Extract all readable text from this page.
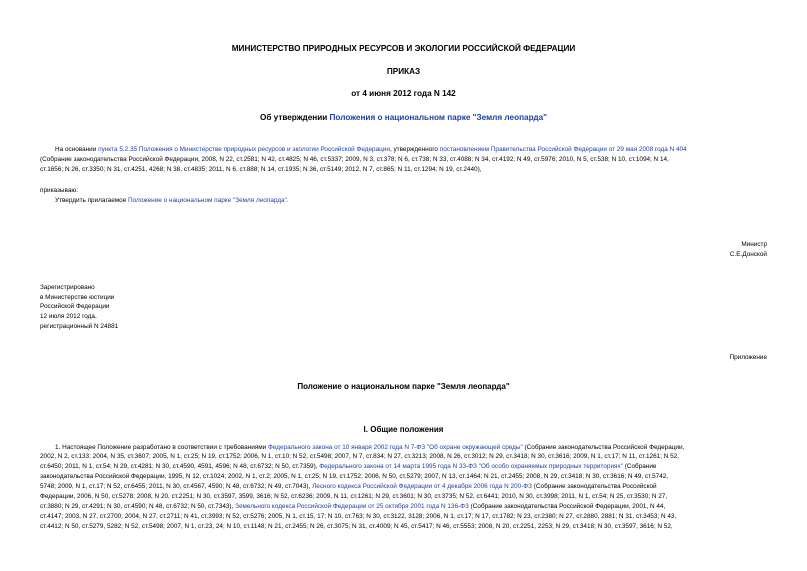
МИНИСТЕРСТВО ПРИРОДНЫХ РЕСУРСОВ И ЭКОЛОГИИ РОССИЙСКОЙ ФЕДЕРАЦИИ
ПРИКАЗ
от 4 июня 2012 года N 142
Об утверждении Положения о национальном парке "Земля леопарда"
На основании пункта 5.2.35 Положения о Министерстве природных ресурсов и экологии Российской Федерации, утвержденного постановлением Правительства Российской Федерации от 29 мая 2008 года N 404
(Собрание законодательства Российской Федерации, 2008, N 22, ст.2581; N 42, ст.4825; N 46, ст.5337; 2009, N 3, ст.378; N 6, ст.738; N 33, ст.4088; N 34, ст.4192; N 49, ст.5976; 2010, N 5, ст.538; N 10, ст.1094; N 14,
ст.1656; N 26, ст.3350; N 31, ст.4251, 4268; N 38, ст.4835; 2011, N 6, ст.888; N 14, ст.1935; N 36, ст.5149; 2012, N 7, ст.865; N 11, ст.1294; N 19, ст.2440),
приказываю:
Утвердить прилагаемое Положение о национальном парке "Земля леопарда".
Министр
С.Е.Донской
Зарегистрировано
в Министерстве юстиции
Российской Федерации
12 июля 2012 года,
регистрационный N 24881
Приложение
Положение о национальном парке "Земля леопарда"
I. Общие положения
1. Настоящее Положение разработано в соответствии с требованиями Федерального закона от 10 января 2002 года N 7-ФЗ "Об охране окружающей среды" (Собрание законодательства Российской Федерации,
2002, N 2, ст.133; 2004, N 35, ст.3607; 2005, N 1, ст.25; N 19, ст.1752; 2006, N 1, ст.10; N 52, ст.5498; 2007, N 7, ст.834; N 27, ст.3213; 2008, N 26, ст.3012; N 29, ст.3418; N 30, ст.3616; 2009, N 1, ст.17; N 11, ст.1261; N 52,
ст.6450; 2011, N 1, ст.54; N 29, ст.4281; N 30, ст.4590, 4591, 4596; N 48, ст.6732; N 50, ст.7359), Федерального закона от 14 марта 1995 года N 33-ФЗ "Об особо охраняемых природных территориях" (Собрание
законодательства Российской Федерации, 1995, N 12, ст.1024; 2002, N 1, ст.2; 2005, N 1, ст.25; N 19, ст.1752; 2006, N 50, ст.5279; 2007, N 13, ст.1464; N 21, ст.2455; 2008, N 29, ст.3418; N 30, ст.3616; N 49, ст.5742,
5748; 2009, N 1, ст.17; N 52, ст.6455; 2011, N 30, ст.4567, 4590; N 48, ст.6732; N 49, ст.7043), Лесного кодекса Российской Федерации от 4 декабря 2006 года N 200-ФЗ (Собрание законодательства Российской
Федерации, 2006, N 50, ст.5278; 2008, N 20, ст.2251; N 30, ст.3597, 3599, 3616; N 52, ст.6236; 2009, N 11, ст.1261; N 29, ст.3601; N 30, ст.3735; N 52, ст.6441; 2010, N 30, ст.3998; 2011, N 1, ст.54; N 25, ст.3530; N 27,
ст.3880; N 29, ст.4291; N 30, ст.4590; N 48, ст.6732; N 50, ст.7343), Земельного кодекса Российской Федерации от 25 октября 2001 года N 136-ФЗ (Собрание законодательства Российской Федерации, 2001, N 44,
ст.4147; 2003, N 27, ст.2700; 2004, N 27, ст.2711; N 41, ст.3993; N 52, ст.5276; 2005, N 1, ст.15, 17; N 10, ст.763; N 30, ст.3122, 3128; 2006, N 1, ст.17; N 17, ст.1782; N 23, ст.2380; N 27, ст.2880, 2881; N 31, ст.3453; N 43,
ст.4412; N 50, ст.5279, 5282; N 52, ст.5498; 2007, N 1, ст.23, 24; N 10, ст.1148; N 21, ст.2455; N 26, ст.3075; N 31, ст.4009; N 45, ст.5417; N 46, ст.5553; 2008, N 20, ст.2251, 2253; N 29, ст.3418; N 30, ст.3597, 3616; N 52,
